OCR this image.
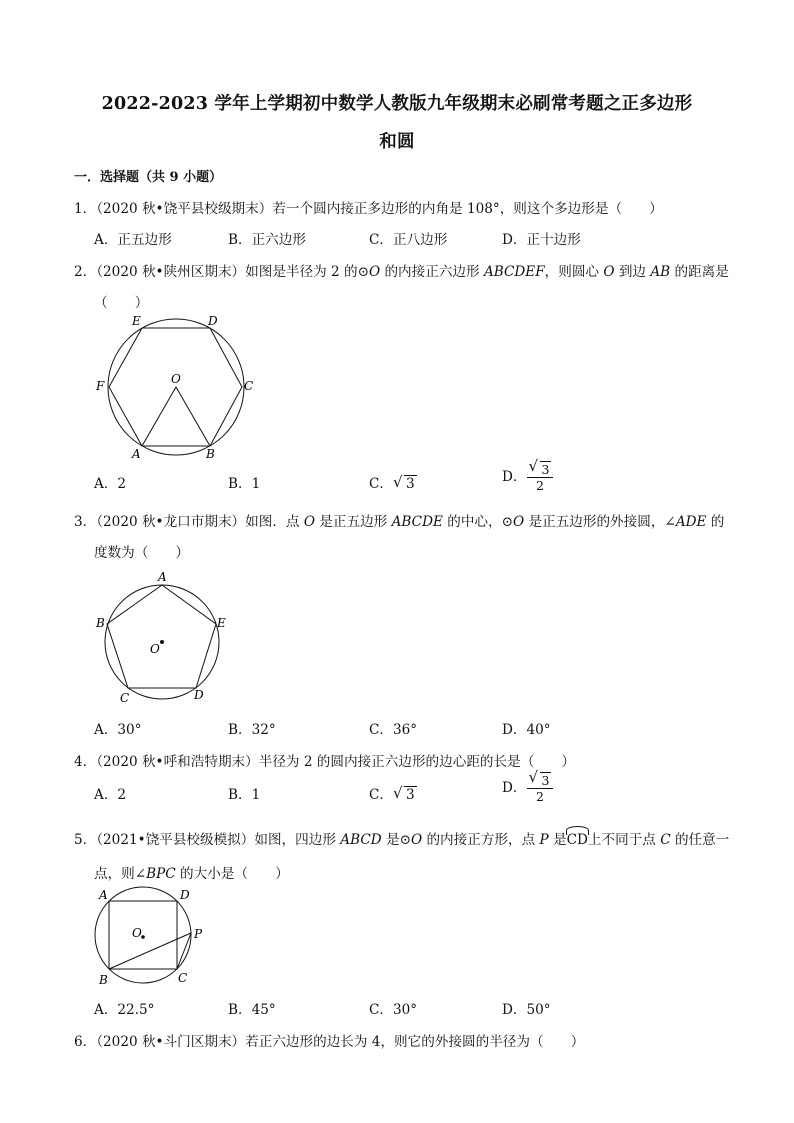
2022-2023 学年上学期初中数学人教版九年级期末必刷常考题之正多边形
和圆
一．选择题（共 9 小题）
1．（2020 秋•饶平县校级期末）若一个圆内接正多边形的内角是 108°，则这个多边形是（　　）
A．正五边形	B．正六边形	C．正八边形	D．正十边形
2．（2020 秋•陕州区期末）如图是半径为 2 的⊙O 的内接正六边形 ABCDEF，则圆心 O 到边 AB 的距离是
（　　）
E	D
F	C
O
A	B
A．2	B．1	C． √ 3	D． $\frac{√ 3}{2}$
3．（2020 秋•龙口市期末）如图．点 O 是正五边形 ABCDE 的中心，⊙O 是正五边形的外接圆，∠ADE 的
度数为（　　）
A
B	E
O
C	D
A．30°	B．32°	C．36°	D．40°
4．（2020 秋•呼和浩特期末）半径为 2 的圆内接正六边形的边心距的长是（　　）
A．2	B．1	C． √ 3	D． $\frac{√ 3}{2}$
5．（2021•饶平县校级模拟）如图，四边形 ABCD 是⊙O 的内接正方形，点 P 是CD上不同于点 C 的任意一
点，则∠BPC 的大小是（　　）
A	D
O	P
B	C
A．22.5°	B．45°	C．30°	D．50°
6．（2020 秋•斗门区期末）若正六边形的边长为 4，则它的外接圆的半径为（　　）
